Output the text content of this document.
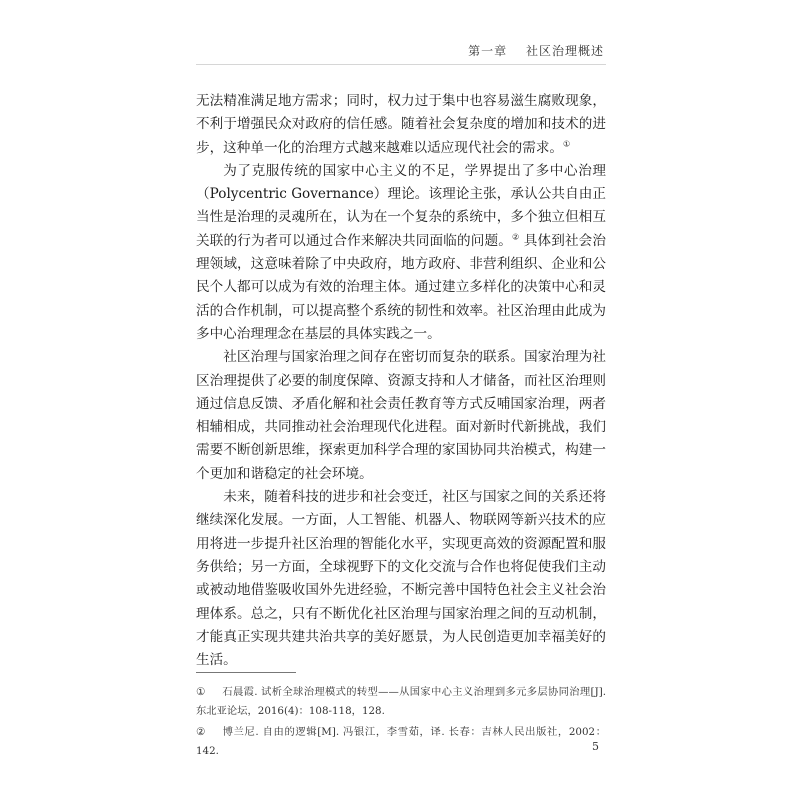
第一章 社区治理概述

无法精准满足地方需求；同时，权力过于集中也容易滋生腐败现象，不利于增强民众对政府的信任感。随着社会复杂度的增加和技术的进步，这种单一化的治理方式越来越难以适应现代社会的需求。①

为了克服传统的国家中心主义的不足，学界提出了多中心治理（Polycentric Governance）理论。该理论主张，承认公共自由正当性是治理的灵魂所在，认为在一个复杂的系统中，多个独立但相互关联的行为者可以通过合作来解决共同面临的问题。② 具体到社会治理领域，这意味着除了中央政府，地方政府、非营利组织、企业和公民个人都可以成为有效的治理主体。通过建立多样化的决策中心和灵活的合作机制，可以提高整个系统的韧性和效率。社区治理由此成为多中心治理理念在基层的具体实践之一。

社区治理与国家治理之间存在密切而复杂的联系。国家治理为社区治理提供了必要的制度保障、资源支持和人才储备，而社区治理则通过信息反馈、矛盾化解和社会责任教育等方式反哺国家治理，两者相辅相成，共同推动社会治理现代化进程。面对新时代新挑战，我们需要不断创新思维，探索更加科学合理的家国协同共治模式，构建一个更加和谐稳定的社会环境。

未来，随着科技的进步和社会变迁，社区与国家之间的关系还将继续深化发展。一方面，人工智能、机器人、物联网等新兴技术的应用将进一步提升社区治理的智能化水平，实现更高效的资源配置和服务供给；另一方面，全球视野下的文化交流与合作也将促使我们主动或被动地借鉴吸收国外先进经验，不断完善中国特色社会主义社会治理体系。总之，只有不断优化社区治理与国家治理之间的互动机制，才能真正实现共建共治共享的美好愿景，为人民创造更加幸福美好的生活。

① 石晨霞. 试析全球治理模式的转型——从国家中心主义治理到多元多层协同治理[J]. 东北亚论坛，2016(4)：108-118，128.

② 博兰尼. 自由的逻辑[M]. 冯银江，李雪茹，译. 长春：吉林人民出版社，2002：142.	5
